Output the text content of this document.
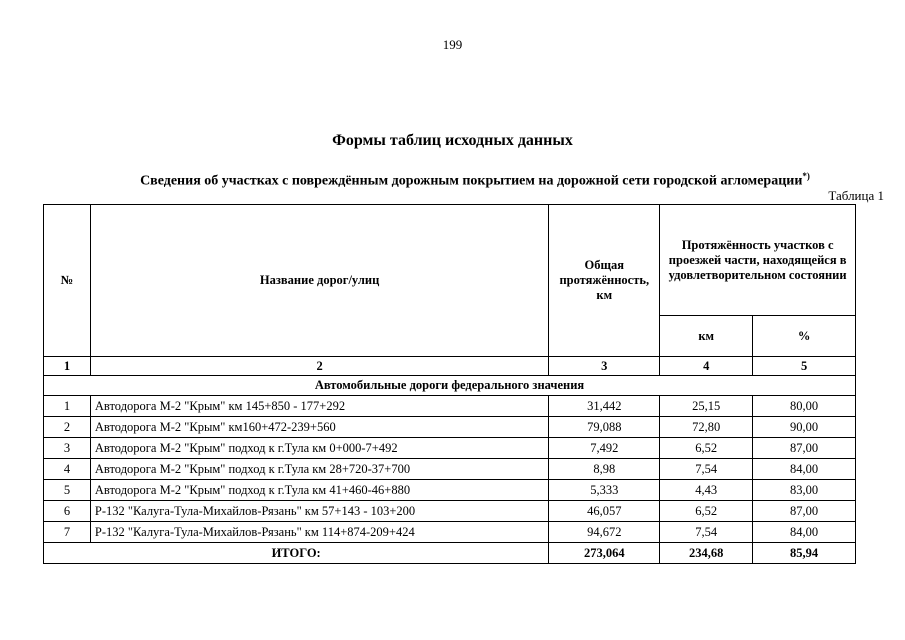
199
Формы таблиц исходных данных
Сведения об участках с повреждённым дорожным покрытием на дорожной сети городской агломерации*)
Таблица 1
№	Название дорог/улиц	Общая протяжённость, км	Протяжённость участков с проезжей части, находящейся в удовлетворительном состоянии	
			км	%
1	2	3	4	5
Автомобильные дороги федерального значения				
1	Автодорога М-2 "Крым" км 145+850 - 177+292	31,442	25,15	80,00
2	Автодорога М-2 "Крым" км160+472-239+560	79,088	72,80	90,00
3	Автодорога М-2 "Крым" подход к г.Тула км 0+000-7+492	7,492	6,52	87,00
4	Автодорога М-2 "Крым" подход к г.Тула км 28+720-37+700	8,98	7,54	84,00
5	Автодорога М-2 "Крым" подход к г.Тула км 41+460-46+880	5,333	4,43	83,00
6	Р-132 "Калуга-Тула-Михайлов-Рязань" км 57+143 - 103+200	46,057	6,52	87,00
7	Р-132 "Калуга-Тула-Михайлов-Рязань" км 114+874-209+424	94,672	7,54	84,00
ИТОГО:		273,064	234,68	85,94
